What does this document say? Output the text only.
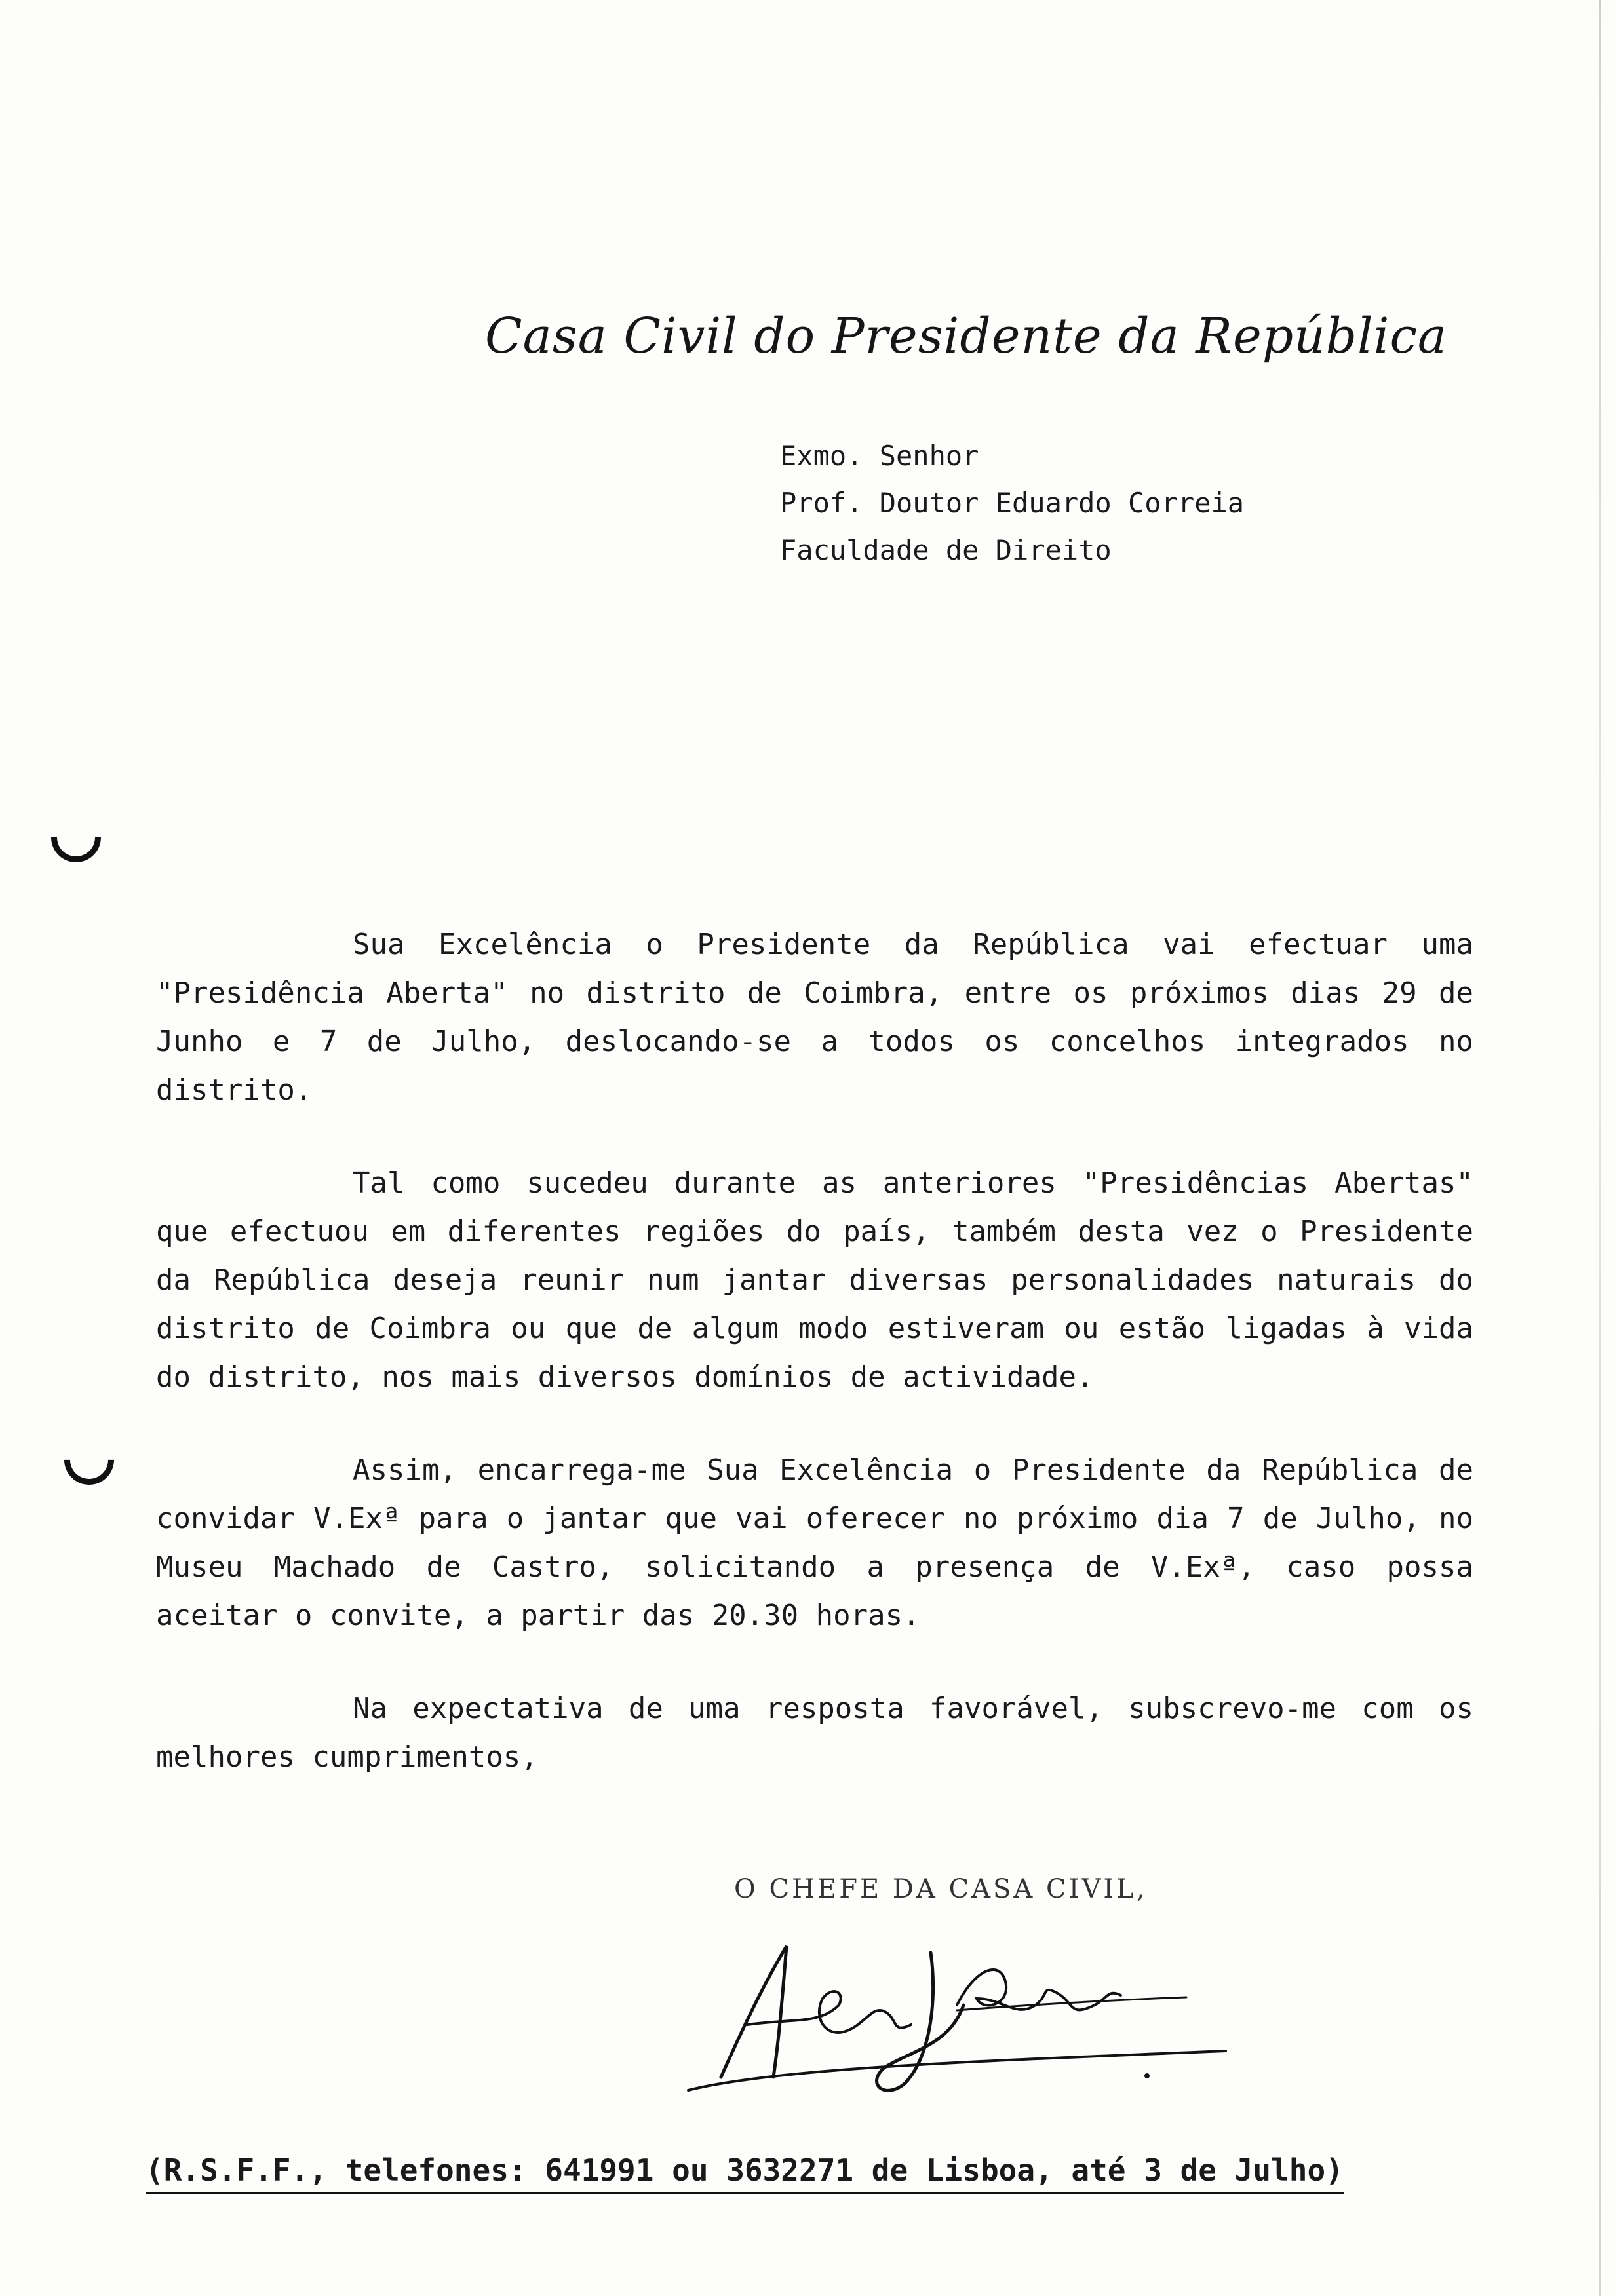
Casa Civil do Presidente da República
Exmo. Senhor
Prof. Doutor Eduardo Correia
Faculdade de Direito

Sua Excelência o Presidente da República vai efectuar uma "Presidência Aberta" no distrito de Coimbra, entre os próximos dias 29 de Junho e 7 de Julho, deslocando-se a todos os concelhos integrados no distrito.

Tal como sucedeu durante as anteriores "Presidências Abertas" que efectuou em diferentes regiões do país, também desta vez o Presidente da República deseja reunir num jantar diversas personalidades naturais do distrito de Coimbra ou que de algum modo estiveram ou estão ligadas à vida do distrito, nos mais diversos domínios de actividade.

Assim, encarrega-me Sua Excelência o Presidente da República de convidar V.Exª para o jantar que vai oferecer no próximo dia 7 de Julho, no Museu Machado de Castro, solicitando a presença de V.Exª, caso possa aceitar o convite, a partir das 20.30 horas.

Na expectativa de uma resposta favorável, subscrevo-me com os melhores cumprimentos,

O CHEFE DA CASA CIVIL,
(R.S.F.F., telefones: 641991 ou 3632271 de Lisboa, até 3 de Julho)
